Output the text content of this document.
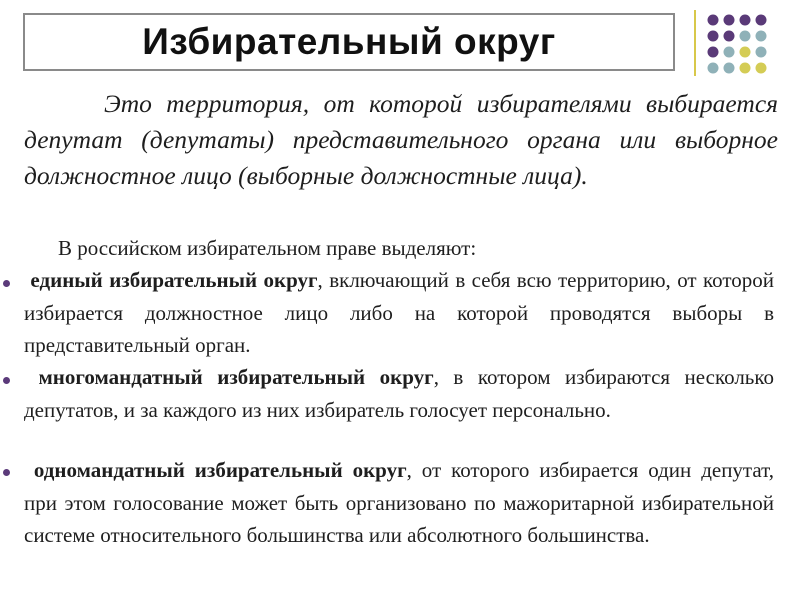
Избирательный округ
Это территория, от которой избирателями выбирается депутат (депутаты) представительного органа или выборное должностное лицо (выборные должностные лица).
В российском избирательном праве выделяют:
единый избирательный округ, включающий в себя всю территорию, от которой избирается должностное лицо либо на которой проводятся выборы в представительный орган.
многомандатный избирательный округ, в котором избираются несколько депутатов, и за каждого из них избиратель голосует персонально.
одномандатный избирательный округ, от которого избирается один депутат, при этом голосование может быть организовано по мажоритарной избирательной системе относительного большинства или абсолютного большинства.
